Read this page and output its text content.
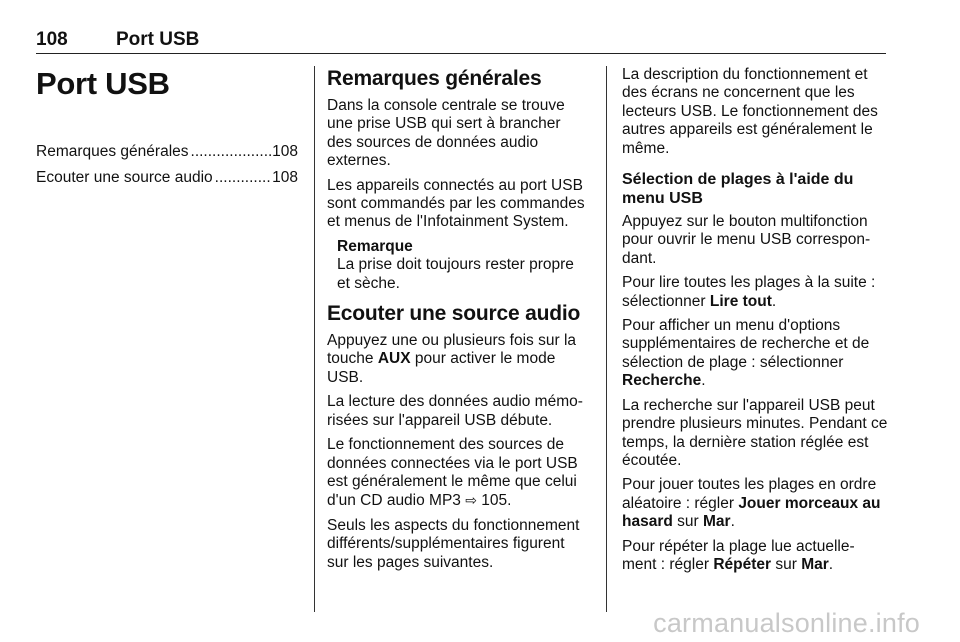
108	Port USB
Port USB
Remarques générales .....	108
Ecouter une source audio .....	108
Remarques générales

Dans la console centrale se trouve une prise USB qui sert à brancher des sources de données audio externes.

Les appareils connectés au port USB sont commandés par les commandes et menus de l'Infotainment System.

Remarque

La prise doit toujours rester propre et sèche.

Ecouter une source audio

Appuyez une ou plusieurs fois sur la touche AUX pour activer le mode USB.

La lecture des données audio mémo- risées sur l'appareil USB débute.

Le fonctionnement des sources de données connectées via le port USB est généralement le même que celui d'un CD audio MP3 ⇨ 105.

Seuls les aspects du fonctionnement différents/supplémentaires figurent sur les pages suivantes.

La description du fonctionnement et des écrans ne concernent que les lecteurs USB. Le fonctionnement des autres appareils est généralement le même.

Sélection de plages à l'aide du menu USB

Appuyez sur le bouton multifonction pour ouvrir le menu USB correspon- dant.

Pour lire toutes les plages à la suite : sélectionner Lire tout.

Pour afficher un menu d'options supplémentaires de recherche et de sélection de plage : sélectionner Recherche.

La recherche sur l'appareil USB peut prendre plusieurs minutes. Pendant ce temps, la dernière station réglée est écoutée.

Pour jouer toutes les plages en ordre aléatoire : régler Jouer morceaux au hasard sur Mar.

Pour répéter la plage lue actuelle- ment : régler Répéter sur Mar.

carmanualsonline.info
